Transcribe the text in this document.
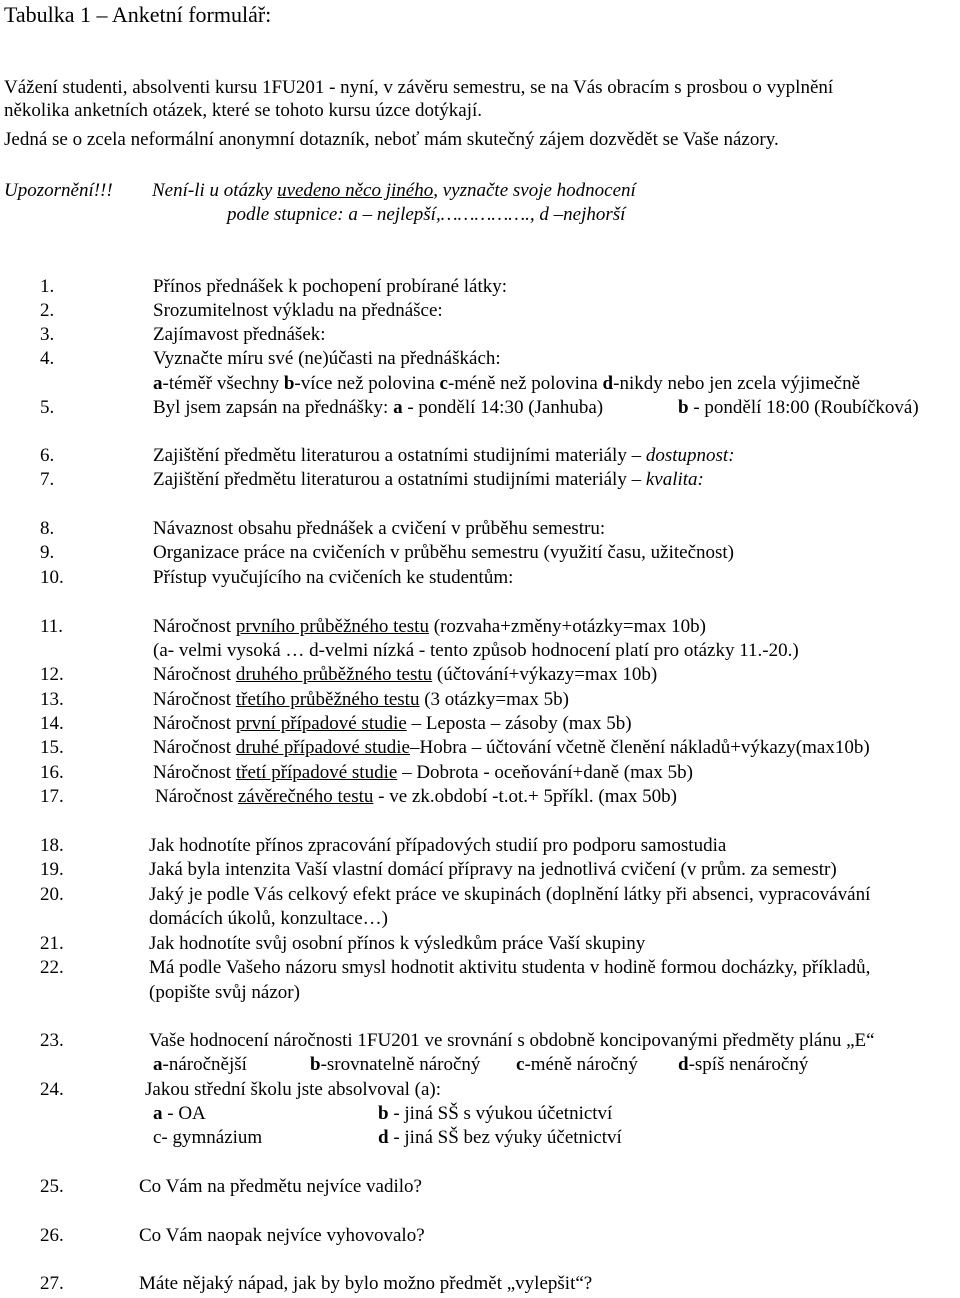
Tabulka 1 – Anketní formulář:
Vážení studenti, absolventi kursu 1FU201 - nyní, v závěru semestru, se na Vás obracím s prosbou o vyplnění
několika anketních otázek, které se tohoto kursu úzce dotýkají.
Jedná se o zcela neformální anonymní dotazník, neboť mám skutečný zájem dozvědět se Vaše názory.
Upozornění!!! Není-li u otázky uvedeno něco jiného, vyznačte svoje hodnocení
podle stupnice: a – nejlepší,……………., d –nejhorší
1.	Přínos přednášek k pochopení probírané látky:
2.	Srozumitelnost výkladu na přednášce:
3.	Zajímavost přednášek:
4.	Vyznačte míru své (ne)účasti na přednáškách:
a-téměř všechny b-více než polovina c-méně než polovina d-nikdy nebo jen zcela výjimečně
5.	Byl jsem zapsán na přednášky: a - pondělí 14:30 (Janhuba)	b - pondělí 18:00 (Roubíčková)
6.	Zajištění předmětu literaturou a ostatními studijními materiály – dostupnost:
7.	Zajištění předmětu literaturou a ostatními studijními materiály – kvalita:
8.	Návaznost obsahu přednášek a cvičení v průběhu semestru:
9.	Organizace práce na cvičeních v průběhu semestru (využití času, užitečnost)
10.	Přístup vyučujícího na cvičeních ke studentům:
11.	Náročnost prvního průběžného testu (rozvaha+změny+otázky=max 10b)
(a- velmi vysoká … d-velmi nízká - tento způsob hodnocení platí pro otázky 11.-20.)
12.	Náročnost druhého průběžného testu (účtování+výkazy=max 10b)
13.	Náročnost třetího průběžného testu (3 otázky=max 5b)
14.	Náročnost první případové studie – Leposta – zásoby (max 5b)
15.	Náročnost druhé případové studie–Hobra – účtování včetně členění nákladů+výkazy(max10b)
16.	Náročnost třetí případové studie – Dobrota - oceňování+daně (max 5b)
17.	Náročnost závěrečného testu - ve zk.období -t.ot.+ 5příkl. (max 50b)
18.	Jak hodnotíte přínos zpracování případových studií pro podporu samostudia
19.	Jaká byla intenzita Vaší vlastní domácí přípravy na jednotlivá cvičení (v prům. za semestr)
20.	Jaký je podle Vás celkový efekt práce ve skupinách (doplnění látky při absenci, vypracovávání
domácích úkolů, konzultace…)
21.	Jak hodnotíte svůj osobní přínos k výsledkům práce Vaší skupiny
22.	Má podle Vašeho názoru smysl hodnotit aktivitu studenta v hodině formou docházky, příkladů,
(popište svůj názor)
23.	Vaše hodnocení náročnosti 1FU201 ve srovnání s obdobně koncipovanými předměty plánu „E“
a-náročnější	b-srovnatelně náročný c-méně náročný d-spíš nenáročný
24.	Jakou střední školu jste absolvoval (a):
a - OA	b - jiná SŠ s výukou účetnictví
c- gymnázium	d - jiná SŠ bez výuky účetnictví
25.	Co Vám na předmětu nejvíce vadilo?
26.	Co Vám naopak nejvíce vyhovovalo?
27.	Máte nějaký nápad, jak by bylo možno předmět „vylepšit“?
